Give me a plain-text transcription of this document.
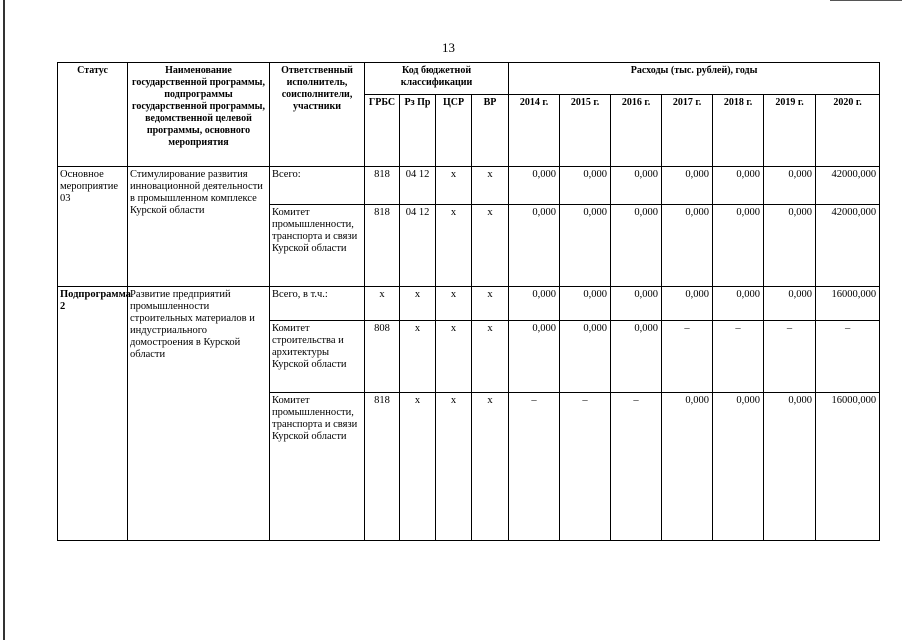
13
Статус	Наименование государственной программы, подпрограммы государственной программы, ведомственной целевой программы, основного мероприятия	Ответственный исполнитель, соисполнители, участники	Код бюджетной классификации				Расходы (тыс. рублей), годы						
			ГРБС	Рз Пр	ЦСР	ВР	2014 г.	2015 г.	2016 г.	2017 г.	2018 г.	2019 г.	2020 г.
Основное мероприятие 03	Стимулирование развития инновационной деятельности в промышленном комплексе Курской области	Всего:	818	04 12	x	x	0,000	0,000	0,000	0,000	0,000	0,000	42000,000
		Комитет промышленности, транспорта и связи Курской области	818	04 12	x	x	0,000	0,000	0,000	0,000	0,000	0,000	42000,000
Подпрограмма 2	Развитие предприятий промышленности строительных материалов и индустриального домостроения в Курской области	Всего, в т.ч.:	x	x	x	x	0,000	0,000	0,000	0,000	0,000	0,000	16000,000
		Комитет строительства и архитектуры Курской области	808	x	x	x	0,000	0,000	0,000	–	–	–	–
		Комитет промышленности, транспорта и связи Курской области	818	x	x	x	–	–	–	0,000	0,000	0,000	16000,000
